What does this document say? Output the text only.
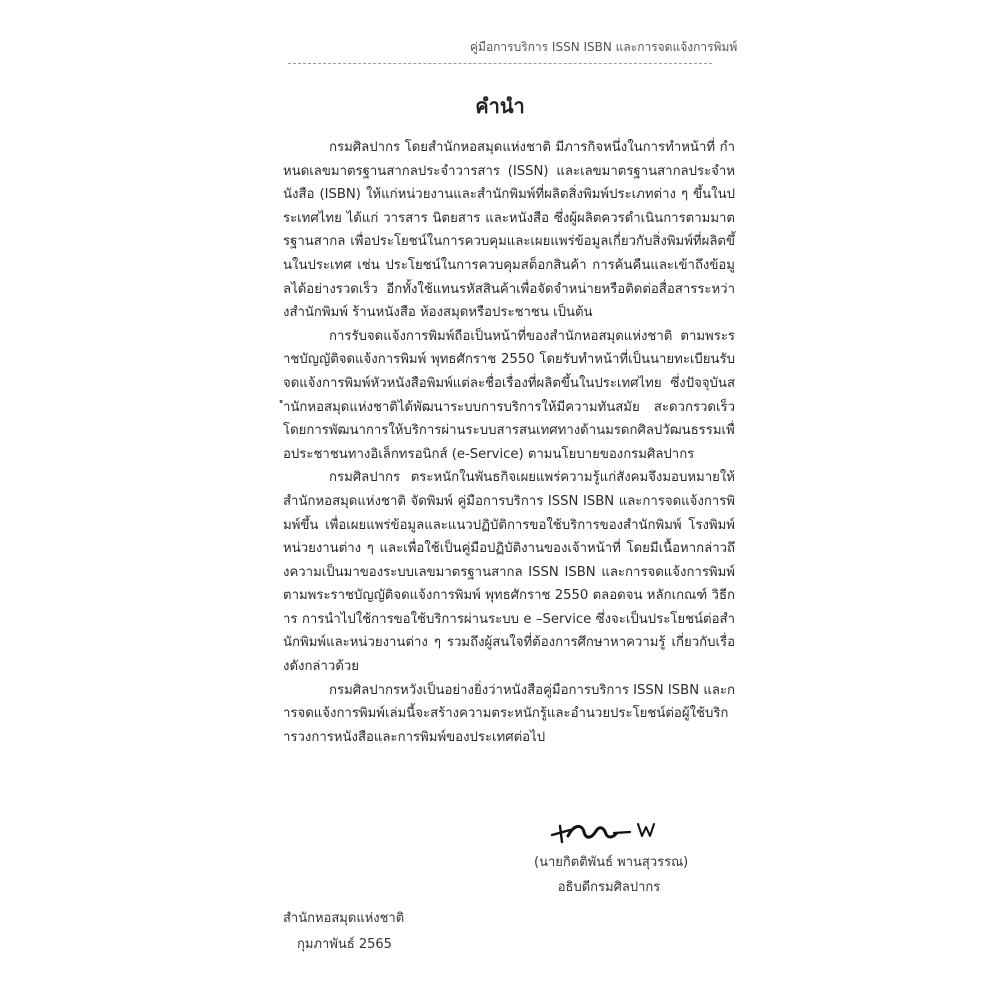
คู่มือการบริการ ISSN ISBN และการจดแจ้งการพิมพ์
คำนำ

กรมศิลปากร โดยสำนักหอสมุดแห่งชาติ มีภารกิจหนึ่งในการทำหน้าที่ กำหนดเลขมาตรฐานสากลประจำวารสาร (ISSN) และเลขมาตรฐานสากลประจำหนังสือ (ISBN) ให้แก่หน่วยงานและสำนักพิมพ์ที่ผลิตสิ่งพิมพ์ประเภทต่าง ๆ ขึ้นในประเทศไทย ได้แก่ วารสาร นิตยสาร และหนังสือ ซึ่งผู้ผลิตควรดำเนินการตามมาตรฐานสากล เพื่อประโยชน์ในการควบคุมและเผยแพร่ข้อมูลเกี่ยวกับสิ่งพิมพ์ที่ผลิตขึ้นในประเทศ เช่น ประโยชน์ในการควบคุมสต็อกสินค้า การค้นคืนและเข้าถึงข้อมูลได้อย่างรวดเร็ว อีกทั้งใช้แทนรหัสสินค้าเพื่อจัดจำหน่ายหรือติดต่อสื่อสารระหว่างสำนักพิมพ์ ร้านหนังสือ ห้องสมุดหรือประชาชน เป็นต้น

การรับจดแจ้งการพิมพ์ถือเป็นหน้าที่ของสำนักหอสมุดแห่งชาติ ตามพระราชบัญญัติจดแจ้งการพิมพ์ พุทธศักราช 2550 โดยรับทำหน้าที่เป็นนายทะเบียนรับจดแจ้งการพิมพ์หัวหนังสือพิมพ์แต่ละชื่อเรื่องที่ผลิตขึ้นในประเทศไทย ซึ่งปัจจุบันสำนักหอสมุดแห่งชาติได้พัฒนาระบบการบริการให้มีความทันสมัย สะดวกรวดเร็ว โดยการพัฒนาการให้บริการผ่านระบบสารสนเทศทางด้านมรดกศิลปวัฒนธรรมเพื่อประชาชนทางอิเล็กทรอนิกส์ (e-Service) ตามนโยบายของกรมศิลปากร

กรมศิลปากร ตระหนักในพันธกิจเผยแพร่ความรู้แก่สังคมจึงมอบหมายให้สำนักหอสมุดแห่งชาติ จัดพิมพ์ คู่มือการบริการ ISSN ISBN และการจดแจ้งการพิมพ์ขึ้น เพื่อเผยแพร่ข้อมูลและแนวปฏิบัติการขอใช้บริการของสำนักพิมพ์ โรงพิมพ์ หน่วยงานต่าง ๆ และเพื่อใช้เป็นคู่มือปฏิบัติงานของเจ้าหน้าที่ โดยมีเนื้อหากล่าวถึงความเป็นมาของระบบเลขมาตรฐานสากล ISSN ISBN และการจดแจ้งการพิมพ์ตามพระราชบัญญัติจดแจ้งการพิมพ์ พุทธศักราช 2550 ตลอดจน หลักเกณฑ์ วิธีการ การนำไปใช้การขอใช้บริการผ่านระบบ e –Service ซึ่งจะเป็นประโยชน์ต่อสำนักพิมพ์และหน่วยงานต่าง ๆ รวมถึงผู้สนใจที่ต้องการศึกษาหาความรู้ เกี่ยวกับเรื่องดังกล่าวด้วย

กรมศิลปากรหวังเป็นอย่างยิ่งว่าหนังสือคู่มือการบริการ ISSN ISBN และการจดแจ้งการพิมพ์เล่มนี้จะสร้างความตระหนักรู้และอำนวยประโยชน์ต่อผู้ใช้บริการวงการหนังสือและการพิมพ์ของประเทศต่อไป

(นายกิตติพันธ์ พานสุวรรณ)
อธิบดีกรมศิลปากร
สำนักหอสมุดแห่งชาติ
กุมภาพันธ์ 2565
